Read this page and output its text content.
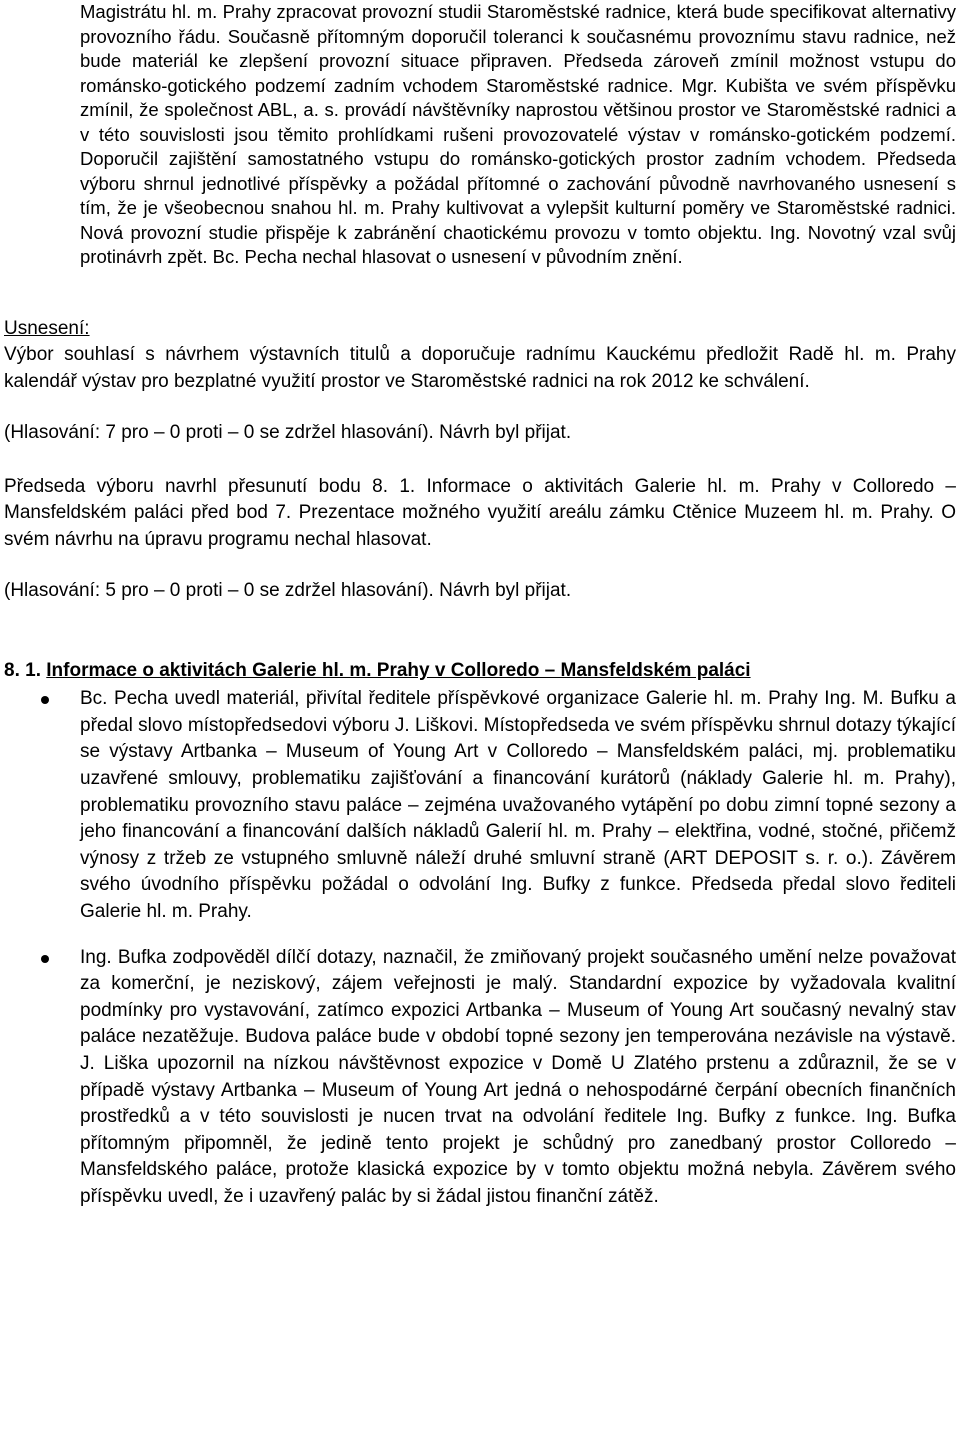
Magistrátu hl. m. Prahy zpracovat provozní studii Staroměstské radnice, která bude specifikovat alternativy provozního řádu. Současně přítomným doporučil toleranci k současnému provoznímu stavu radnice, než bude materiál ke zlepšení provozní situace připraven. Předseda zároveň zmínil možnost vstupu do románsko-gotického podzemí zadním vchodem Staroměstské radnice. Mgr. Kubišta ve svém příspěvku zmínil, že společnost ABL, a. s. provádí návštěvníky naprostou většinou prostor ve Staroměstské radnici a v této souvislosti jsou těmito prohlídkami rušeni provozovatelé výstav v románsko-gotickém podzemí. Doporučil zajištění samostatného vstupu do románsko-gotických prostor zadním vchodem. Předseda výboru shrnul jednotlivé příspěvky a požádal přítomné o zachování původně navrhovaného usnesení s tím, že je všeobecnou snahou hl. m. Prahy kultivovat a vylepšit kulturní poměry ve Staroměstské radnici. Nová provozní studie přispěje k zabránění chaotickému provozu v tomto objektu. Ing. Novotný vzal svůj protinávrh zpět. Bc. Pecha nechal hlasovat o usnesení v původním znění.

Usnesení:

Výbor souhlasí s návrhem výstavních titulů a doporučuje radnímu Kauckému předložit Radě hl. m. Prahy kalendář výstav pro bezplatné využití prostor ve Staroměstské radnici na rok 2012 ke schválení.

(Hlasování: 7 pro – 0 proti – 0 se zdržel hlasování). Návrh byl přijat.

Předseda výboru navrhl přesunutí bodu 8. 1. Informace o aktivitách Galerie hl. m. Prahy v Colloredo – Mansfeldském paláci před bod 7. Prezentace možného využití areálu zámku Ctěnice Muzeem hl. m. Prahy. O svém návrhu na úpravu programu nechal hlasovat.

(Hlasování: 5 pro – 0 proti – 0 se zdržel hlasování). Návrh byl přijat.

8. 1. Informace o aktivitách Galerie hl. m. Prahy v Colloredo – Mansfeldském paláci
Bc. Pecha uvedl materiál, přivítal ředitele příspěvkové organizace Galerie hl. m. Prahy Ing. M. Bufku a předal slovo místopředsedovi výboru J. Liškovi. Místopředseda ve svém příspěvku shrnul dotazy týkající se výstavy Artbanka – Museum of Young Art v Colloredo – Mansfeldském paláci, mj. problematiku uzavřené smlouvy, problematiku zajišťování a financování kurátorů (náklady Galerie hl. m. Prahy), problematiku provozního stavu paláce – zejména uvažovaného vytápění po dobu zimní topné sezony a jeho financování a financování dalších nákladů Galerií hl. m. Prahy – elektřina, vodné, stočné, přičemž výnosy z tržeb ze vstupného smluvně náleží druhé smluvní straně (ART DEPOSIT s. r. o.). Závěrem svého úvodního příspěvku požádal o odvolání Ing. Bufky z funkce. Předseda předal slovo řediteli Galerie hl. m. Prahy.
Ing. Bufka zodpověděl dílčí dotazy, naznačil, že zmiňovaný projekt současného umění nelze považovat za komerční, je neziskový, zájem veřejnosti je malý. Standardní expozice by vyžadovala kvalitní podmínky pro vystavování, zatímco expozici Artbanka – Museum of Young Art současný nevalný stav paláce nezatěžuje. Budova paláce bude v období topné sezony jen temperována nezávisle na výstavě. J. Liška upozornil na nízkou návštěvnost expozice v Domě U Zlatého prstenu a zdůraznil, že se v případě výstavy Artbanka – Museum of Young Art jedná o nehospodárné čerpání obecních finančních prostředků a v této souvislosti je nucen trvat na odvolání ředitele Ing. Bufky z funkce. Ing. Bufka přítomným připomněl, že jedině tento projekt je schůdný pro zanedbaný prostor Colloredo – Mansfeldského paláce, protože klasická expozice by v tomto objektu možná nebyla. Závěrem svého příspěvku uvedl, že i uzavřený palác by si žádal jistou finanční zátěž.
